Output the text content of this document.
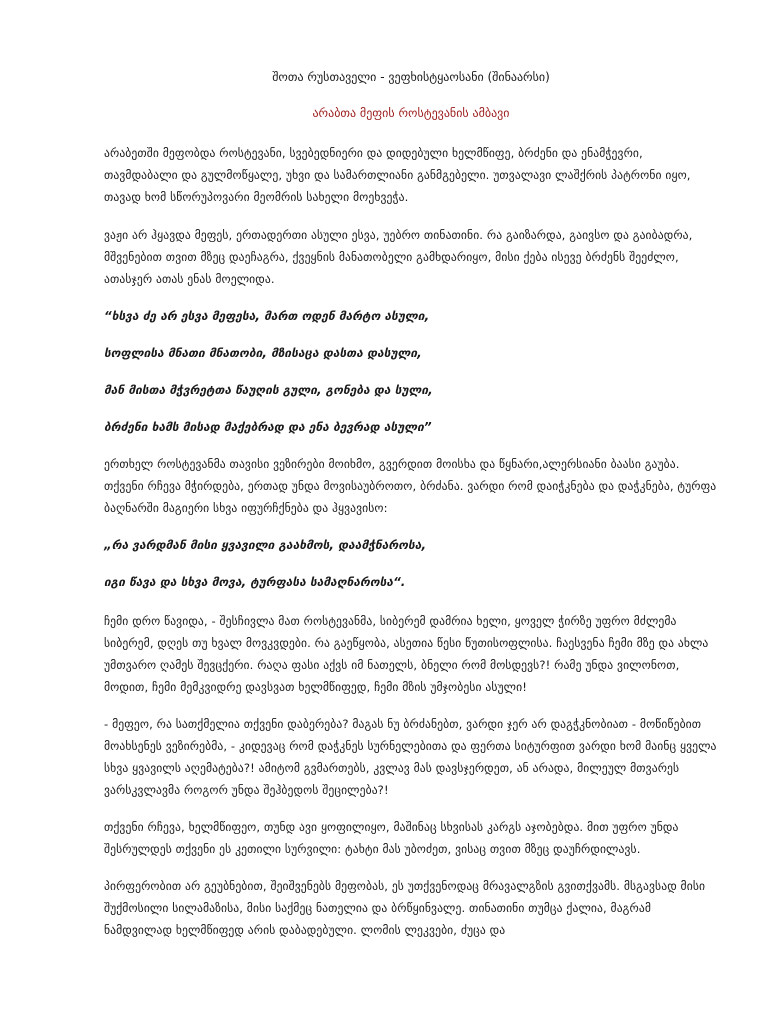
შოთა რუსთაველი - ვეფხისტყაოსანი (შინაარსი)
არაბთა მეფის როსტევანის ამბავი

არაბეთში მეფობდა როსტევანი, სვებედნიერი და დიდებული ხელმწიფე, ბრძენი და ენამჭევრი, თავმდაბალი და გულმოწყალე, უხვი და სამართლიანი განმგებელი. უთვალავი ლაშქრის პატრონი იყო, თავად ხომ სწორუპოვარი მეომრის სახელი მოეხვეჭა.

ვაჟი არ ჰყავდა მეფეს, ერთადერთი ასული ესვა, უებრო თინათინი. რა გაიზარდა, გაივსო და გაიბადრა, მშვენებით თვით მზეც დაეჩაგრა, ქვეყნის მანათობელი გამხდარიყო, მისი ქება ისევე ბრძენს შეეძლო, ათასჯერ ათას ენას მოელიდა.

“ხსვა ძე არ ესვა მეფესა, მართ ოდენ მარტო ასული,

სოფლისა მნათი მნათობი, მზისაცა დასთა დასული,

მან მისთა მჭვრეტთა წაუღის გული, გონება და სული,

ბრძენი ხამს მისად მაქებრად და ენა ბევრად ასული”

ერთხელ როსტევანმა თავისი ვეზირები მოიხმო, გვერდით მოისხა და წყნარი,ალერსიანი ბაასი გაუბა. თქვენი რჩევა მჭირდება, ერთად უნდა მოვისაუბროთო, ბრძანა. ვარდი რომ დაიჭკნება და დაჭკნება, ტურფა ბაღნარში მაგიერი სხვა იფურჩქნება და ჰყვავისო:

„რა ვარდმან მისი ყვავილი გაახმოს, დაამჭნაროსა,

იგი წავა და სხვა მოვა, ტურფასა სამაღნაროსა“.

ჩემი დრო წავიდა, - შესჩივლა მათ როსტევანმა, სიბერემ დამრია ხელი, ყოველ ჭირზე უფრო მძლემა სიბერემ, დღეს თუ ხვალ მოვკვდები. რა გაეწყობა, ასეთია წესი წუთისოფლისა. ჩაესვენა ჩემი მზე და ახლა უმთვარო ღამეს შევცქერი. რაღა ფასი აქვს იმ ნათელს, ბნელი რომ მოსდევს?! რამე უნდა ვილონოთ, მოდით, ჩემი მემკვიდრე დავსვათ ხელმწიფედ, ჩემი მზის უმჯობესი ასული!

- მეფეო, რა სათქმელია თქვენი დაბერება? მაგას ნუ ბრძანებთ, ვარდი ჯერ არ დაგჭკნობიათ - მოწიწებით მოახსენეს ვეზირებმა, - კიდევაც რომ დაჭკნეს სურნელებითა და ფერთა სიტურფით ვარდი ხომ მაინც ყველა სხვა ყვავილს აღემატება?! ამიტომ გვმართებს, კვლავ მას დავსჯერდეთ, ან არადა, მილეულ მთვარეს ვარსკვლავმა როგორ უნდა შეჰბედოს შეცილება?!

თქვენი რჩევა, ხელმწიფეო, თუნდ ავი ყოფილიყო, მაშინაც სხვისას კარგს აჯობებდა. მით უფრო უნდა შესრულდეს თქვენი ეს კეთილი სურვილი: ტახტი მას უბოძეთ, ვისაც თვით მზეც დაუჩრდილავს.

პირფერობით არ გეუბნებით, შეიშვენებს მეფობას, ეს უთქვენოდაც მრავალგზის გვითქვამს. მსგავსად მისი შუქმოსილი სილამაზისა, მისი საქმეც ნათელია და ბრწყინვალე. თინათინი თუმცა ქალია, მაგრამ ნამდვილად ხელმწიფედ არის დაბადებული. ლომის ლეკვები, ძუცა და
